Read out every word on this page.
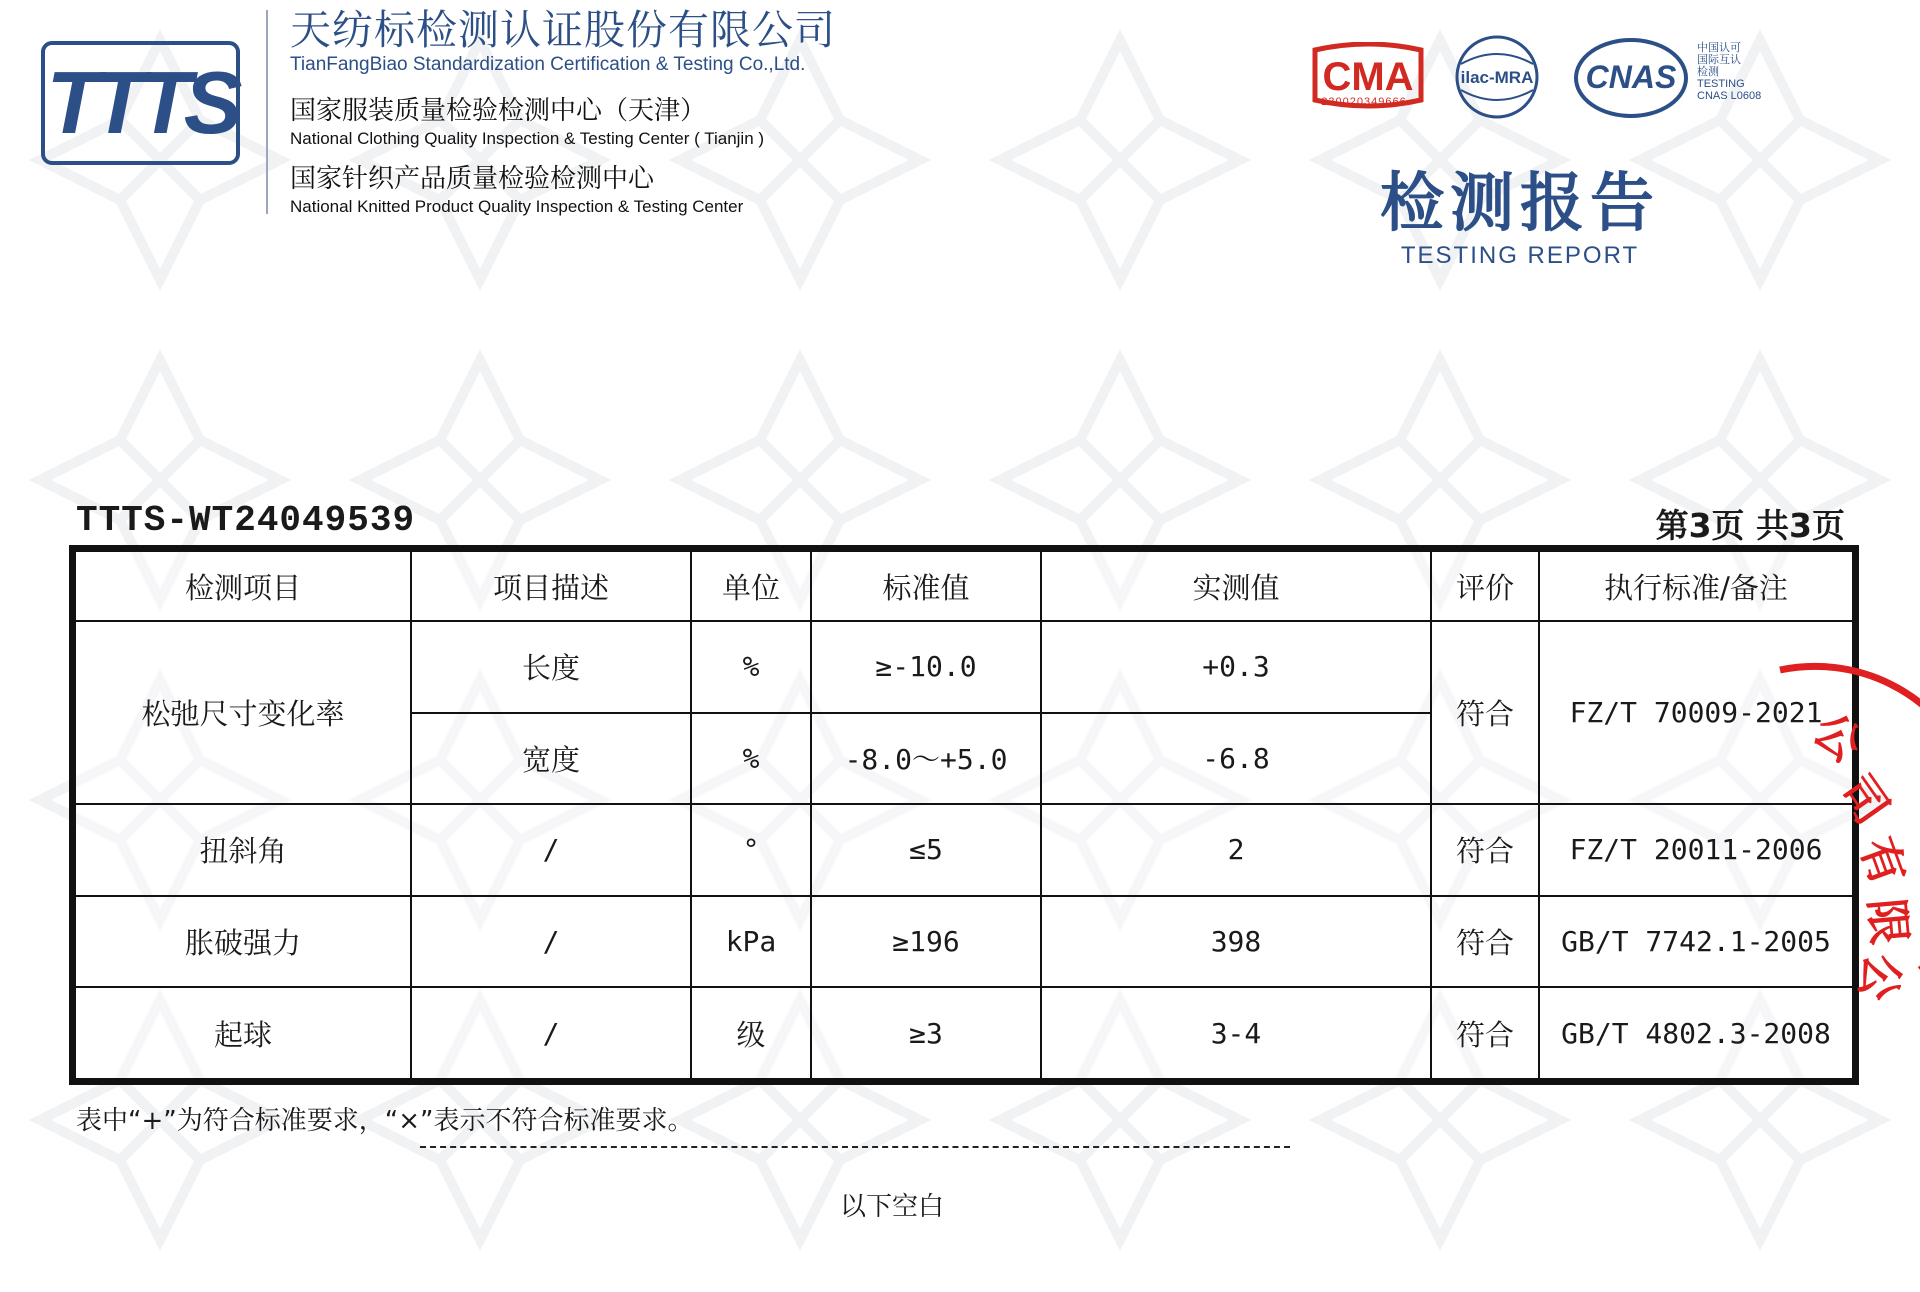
TTTS
天纺标检测认证股份有限公司
TianFangBiao Standardization Certification & Testing Co.,Ltd.
国家服装质量检验检测中心（天津）
National Clothing Quality Inspection & Testing Center ( Tianjin )
国家针织产品质量检验检测中心
National Knitted Product Quality Inspection & Testing Center
CMA
230020349666
ilac-MRA CNAS
中国认可
国际互认
检测
TESTING
CNAS L0608
检测报告
TESTING REPORT
TTTS-WT24049539	第3页 共3页
检测项目	项目描述	单位	标准值	实测值	评价	执行标准/备注
松弛尺寸变化率	长度	%	≥-10.0	+0.3	符合	FZ/T 70009-2021
	宽度	%	-8.0～+5.0	-6.8		
扭斜角	/	°	≤5	2	符合	FZ/T 20011-2006
胀破强力	/	kPa	≥196	398	符合	GB/T 7742.1-2005
起球	/	级	≥3	3-4	符合	GB/T 4802.3-2008
表中“+”为符合标准要求，“×”表示不符合标准要求。
以下空白
公
司
有
限
公
